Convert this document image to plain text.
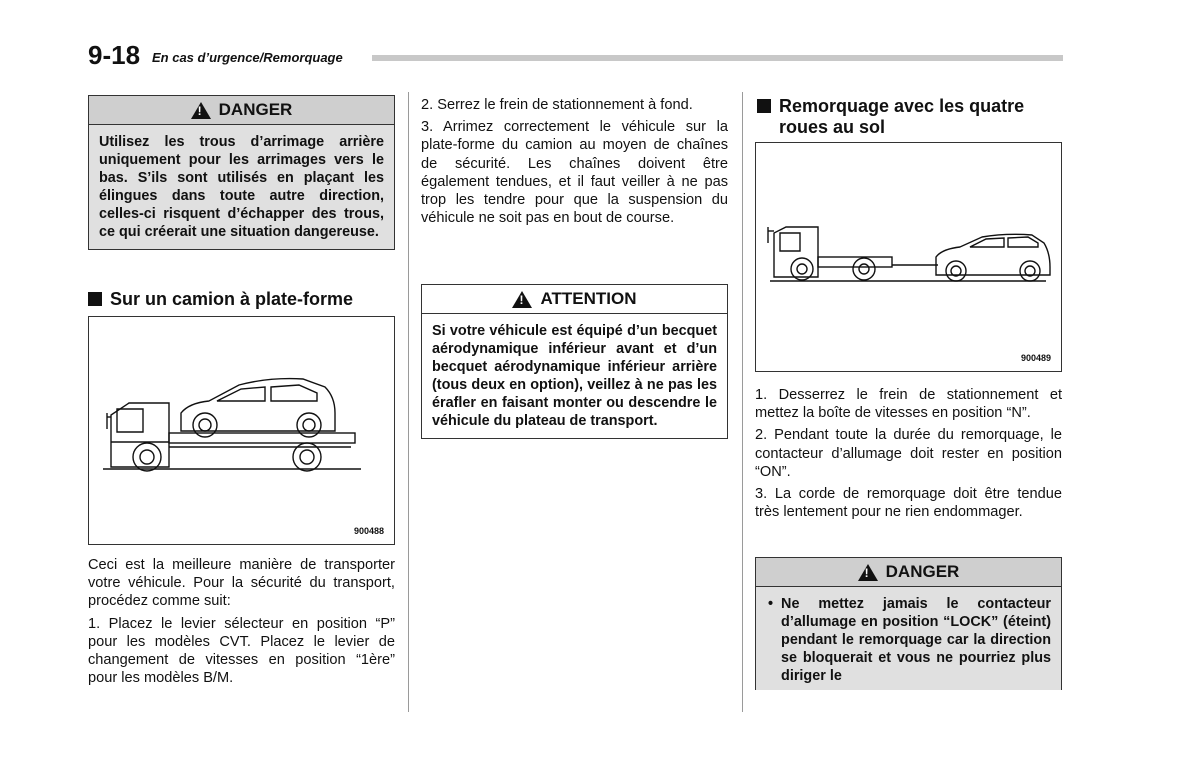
9-18 En cas d’urgence/Remorquage
!
DANGER
Utilisez les trous d’arrimage arrière uniquement pour les arrimages vers le bas. S’ils sont utilisés en plaçant les élingues dans toute autre direction, celles-ci risquent d’échapper des trous, ce qui créerait une situation dangereuse.
Sur un camion à plate-forme
900488

Ceci est la meilleure manière de transporter votre véhicule. Pour la sécurité du transport, procédez comme suit:

1. Placez le levier sélecteur en position “P” pour les modèles CVT. Placez le levier de changement de vitesses en position “1ère” pour les modèles B/M.

2. Serrez le frein de stationnement à fond.

3. Arrimez correctement le véhicule sur la plate-forme du camion au moyen de chaînes de sécurité. Les chaînes doivent être également tendues, et il faut veiller à ne pas trop les tendre pour que la suspension du véhicule ne soit pas en bout de course.

!
ATTENTION
Si votre véhicule est équipé d’un becquet aérodynamique inférieur avant et d’un becquet aérodynamique inférieur arrière (tous deux en option), veillez à ne pas les érafler en faisant monter ou descendre le véhicule du plateau de transport.
Remorquage avec les quatre roues au sol
900489

1. Desserrez le frein de stationnement et mettez la boîte de vitesses en position “N”.

2. Pendant toute la durée du remorquage, le contacteur d’allumage doit rester en position “ON”.

3. La corde de remorquage doit être tendue très lentement pour ne rien endommager.

!
DANGER
• Ne mettez jamais le contacteur d’allumage en position “LOCK” (éteint) pendant le remorquage car la direction se bloquerait et vous ne pourriez plus diriger le
